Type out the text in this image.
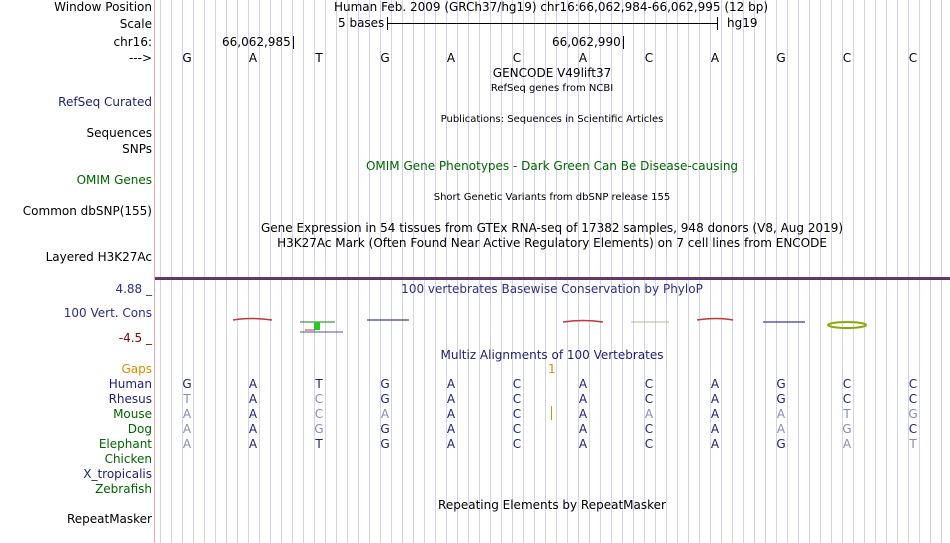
Window Position	Human Feb. 2009 (GRCh37/hg19) chr16:66,062,984-66,062,995 (12 bp)
Scale	5 bases	hg19
chr16:	66,062,985	66,062,990
--->	G	A	T	G	A	C	A	C	A	G	C	C
GENCODE V49lift37
RefSeq genes from NCBI
RefSeq Curated
Publications: Sequences in Scientific Articles
Sequences
SNPs
OMIM Gene Phenotypes - Dark Green Can Be Disease-causing
OMIM Genes
Short Genetic Variants from dbSNP release 155
Common dbSNP(155)
Gene Expression in 54 tissues from GTEx RNA-seq of 17382 samples, 948 donors (V8, Aug 2019)
H3K27Ac Mark (Often Found Near Active Regulatory Elements) on 7 cell lines from ENCODE
Layered H3K27Ac
4.88 _	100 vertebrates Basewise Conservation by PhyloP
100 Vert. Cons
-4.5 _
Multiz Alignments of 100 Vertebrates
Gaps	1
Human	G	A	T	G	A	C	A	C	A	G	C	C
Rhesus	T	A	C	G	A	C	A	C	A	G	C	C
Mouse	A	A	C	A	A	C	A	A	A	A	T	G
Dog	A	A	G	G	A	C	A	C	A	A	G	C
Elephant	A	A	T	G	A	C	A	C	A	G	A	T
Chicken
X_tropicalis
Zebrafish
Repeating Elements by RepeatMasker
RepeatMasker
